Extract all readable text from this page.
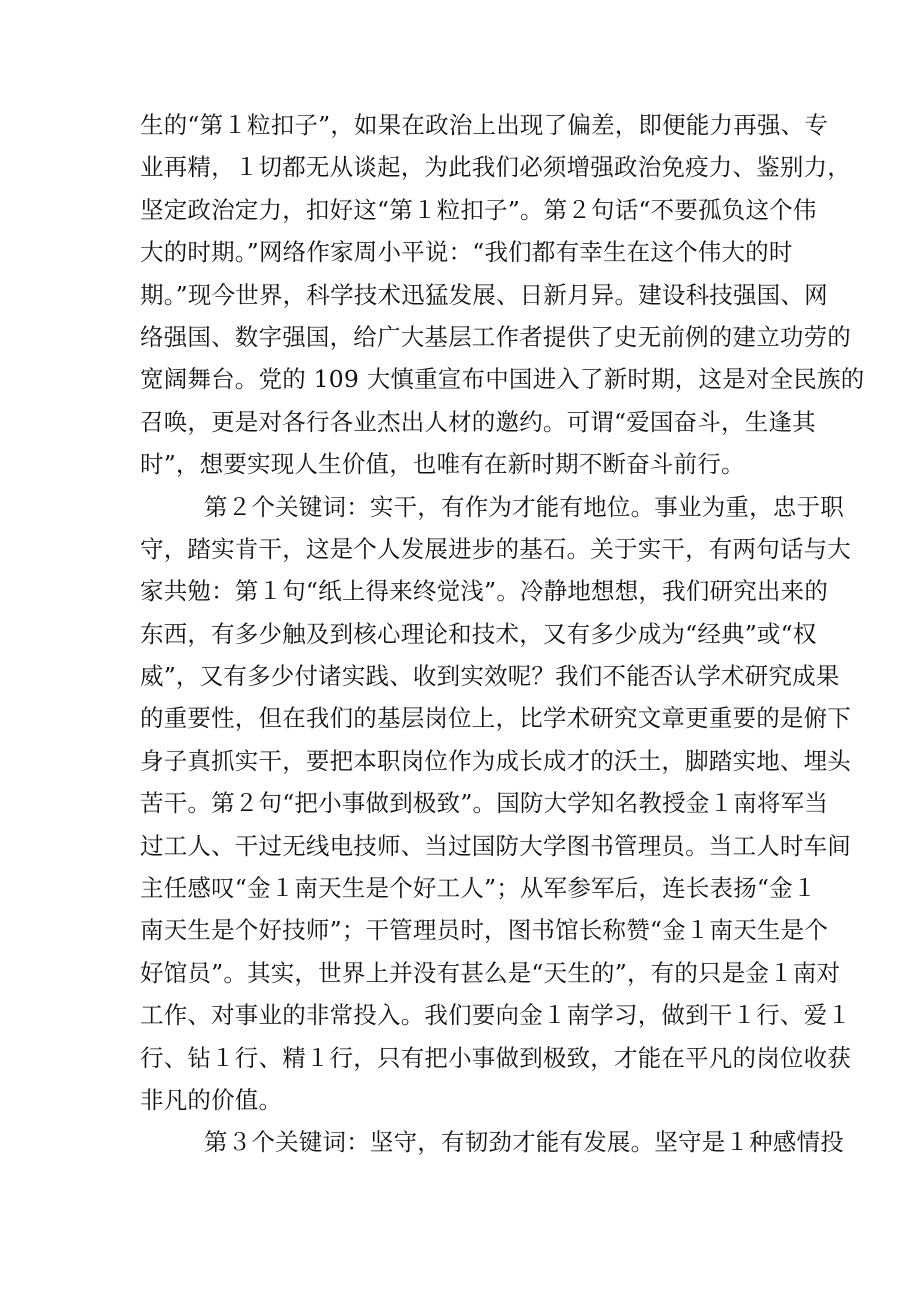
生的“第１粒扣子”，如果在政治上出现了偏差，即便能力再强、专
业再精，１切都无从谈起，为此我们必须增强政治免疫力、鉴别力，
坚定政治定力，扣好这“第１粒扣子”。第２句话“不要孤负这个伟
大的时期。”网络作家周小平说：“我们都有幸生在这个伟大的时
期。”现今世界，科学技术迅猛发展、日新月异。建设科技强国、网
络强国、数字强国，给广大基层工作者提供了史无前例的建立功劳的
宽阔舞台。党的 109 大慎重宣布中国进入了新时期，这是对全民族的
召唤，更是对各行各业杰出人材的邀约。可谓“爱国奋斗，生逢其
时”，想要实现人生价值，也唯有在新时期不断奋斗前行。
第２个关键词：实干，有作为才能有地位。事业为重，忠于职
守，踏实肯干，这是个人发展进步的基石。关于实干，有两句话与大
家共勉：第１句“纸上得来终觉浅”。冷静地想想，我们研究出来的
东西，有多少触及到核心理论和技术，又有多少成为“经典”或“权
威”，又有多少付诸实践、收到实效呢？我们不能否认学术研究成果
的重要性，但在我们的基层岗位上，比学术研究文章更重要的是俯下
身子真抓实干，要把本职岗位作为成长成才的沃土，脚踏实地、埋头
苦干。第２句“把小事做到极致”。国防大学知名教授金１南将军当
过工人、干过无线电技师、当过国防大学图书管理员。当工人时车间
主任感叹“金１南天生是个好工人”；从军参军后，连长表扬“金１
南天生是个好技师”；干管理员时，图书馆长称赞“金１南天生是个
好馆员”。其实，世界上并没有甚么是“天生的”，有的只是金１南对
工作、对事业的非常投入。我们要向金１南学习，做到干１行、爱１
行、钻１行、精１行，只有把小事做到极致，才能在平凡的岗位收获
非凡的价值。
第３个关键词：坚守，有韧劲才能有发展。坚守是１种感情投
